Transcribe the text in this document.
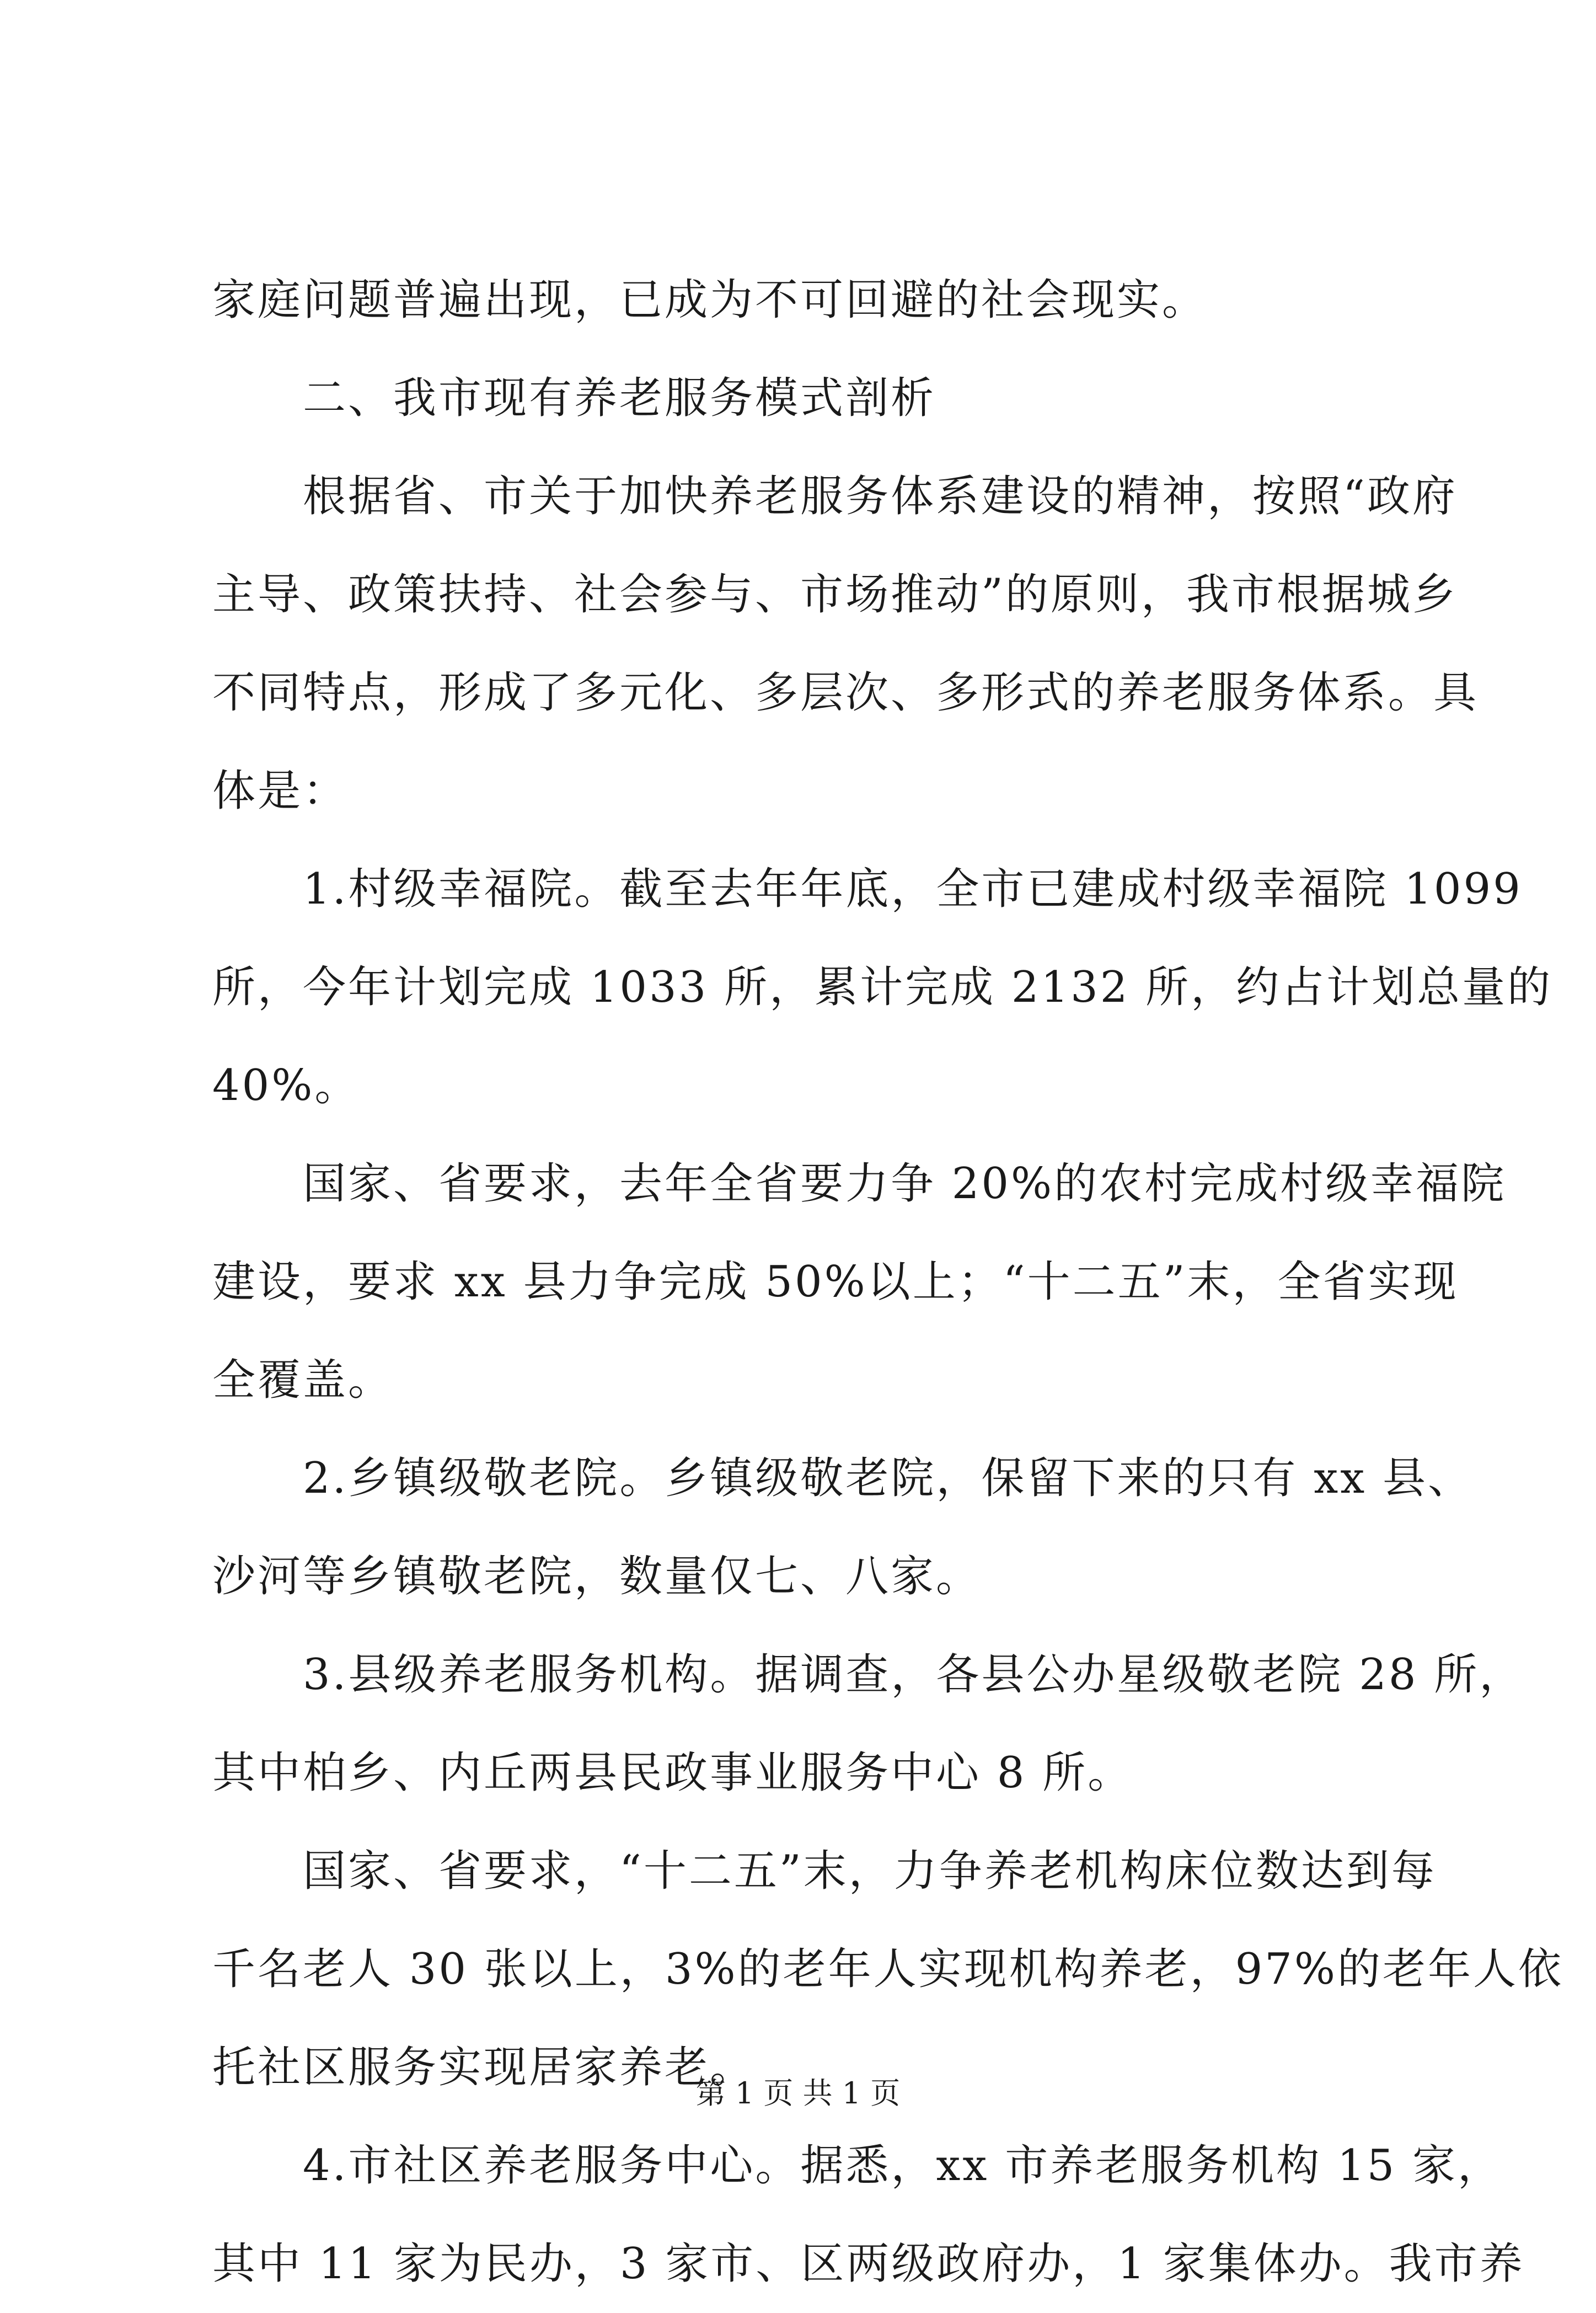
家庭问题普遍出现，已成为不可回避的社会现实。
二、我市现有养老服务模式剖析
根据省、市关于加快养老服务体系建设的精神，按照“政府
主导、政策扶持、社会参与、市场推动”的原则，我市根据城乡
不同特点，形成了多元化、多层次、多形式的养老服务体系。具
体是：
1.村级幸福院。截至去年年底，全市已建成村级幸福院 1099
所，今年计划完成 1033 所，累计完成 2132 所，约占计划总量的
40%。
国家、省要求，去年全省要力争 20%的农村完成村级幸福院
建设，要求 xx 县力争完成 50%以上；“十二五”末，全省实现
全覆盖。
2.乡镇级敬老院。乡镇级敬老院，保留下来的只有 xx 县、
沙河等乡镇敬老院，数量仅七、八家。
3.县级养老服务机构。据调查，各县公办星级敬老院 28 所，
其中柏乡、内丘两县民政事业服务中心 8 所。
国家、省要求，“十二五”末，力争养老机构床位数达到每
千名老人 30 张以上，3%的老年人实现机构养老，97%的老年人依
托社区服务实现居家养老。
4.市社区养老服务中心。据悉，xx 市养老服务机构 15 家，
其中 11 家为民办，3 家市、区两级政府办，1 家集体办。我市养
第 1 页 共 1 页
